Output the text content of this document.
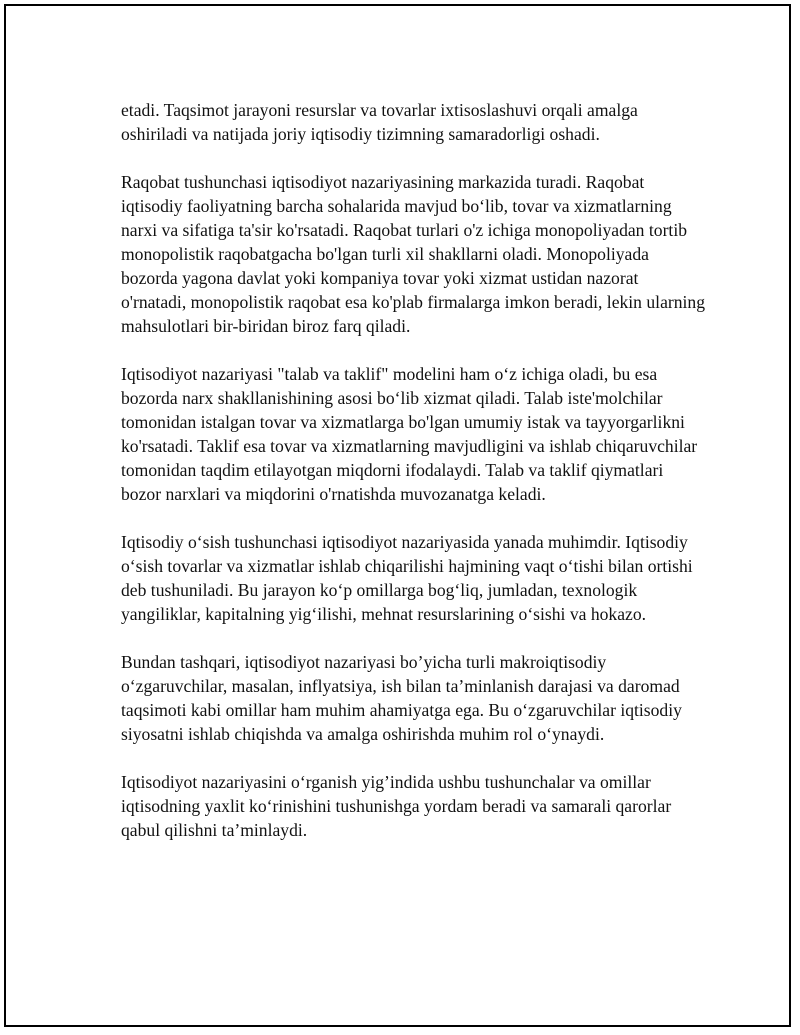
etadi. Taqsimot jarayoni resurslar va tovarlar ixtisoslashuvi orqali amalga oshiriladi va natijada joriy iqtisodiy tizimning samaradorligi oshadi.

Raqobat tushunchasi iqtisodiyot nazariyasining markazida turadi. Raqobat iqtisodiy faoliyatning barcha sohalarida mavjud bo‘lib, tovar va xizmatlarning narxi va sifatiga ta'sir ko'rsatadi. Raqobat turlari o'z ichiga monopoliyadan tortib monopolistik raqobatgacha bo'lgan turli xil shakllarni oladi. Monopoliyada bozorda yagona davlat yoki kompaniya tovar yoki xizmat ustidan nazorat o'rnatadi, monopolistik raqobat esa ko'plab firmalarga imkon beradi, lekin ularning mahsulotlari bir-biridan biroz farq qiladi.

Iqtisodiyot nazariyasi "talab va taklif" modelini ham o‘z ichiga oladi, bu esa bozorda narx shakllanishining asosi bo‘lib xizmat qiladi. Talab iste'molchilar tomonidan istalgan tovar va xizmatlarga bo'lgan umumiy istak va tayyorgarlikni ko'rsatadi. Taklif esa tovar va xizmatlarning mavjudligini va ishlab chiqaruvchilar tomonidan taqdim etilayotgan miqdorni ifodalaydi. Talab va taklif qiymatlari bozor narxlari va miqdorini o'rnatishda muvozanatga keladi.

Iqtisodiy o‘sish tushunchasi iqtisodiyot nazariyasida yanada muhimdir. Iqtisodiy o‘sish tovarlar va xizmatlar ishlab chiqarilishi hajmining vaqt o‘tishi bilan ortishi deb tushuniladi. Bu jarayon ko‘p omillarga bog‘liq, jumladan, texnologik yangiliklar, kapitalning yig‘ilishi, mehnat resurslarining o‘sishi va hokazo.

Bundan tashqari, iqtisodiyot nazariyasi bo’yicha turli makroiqtisodiy o‘zgaruvchilar, masalan, inflyatsiya, ish bilan ta’minlanish darajasi va daromad taqsimoti kabi omillar ham muhim ahamiyatga ega. Bu o‘zgaruvchilar iqtisodiy siyosatni ishlab chiqishda va amalga oshirishda muhim rol o‘ynaydi.

Iqtisodiyot nazariyasini o‘rganish yig’indida ushbu tushunchalar va omillar iqtisodning yaxlit ko‘rinishini tushunishga yordam beradi va samarali qarorlar qabul qilishni ta’minlaydi.
